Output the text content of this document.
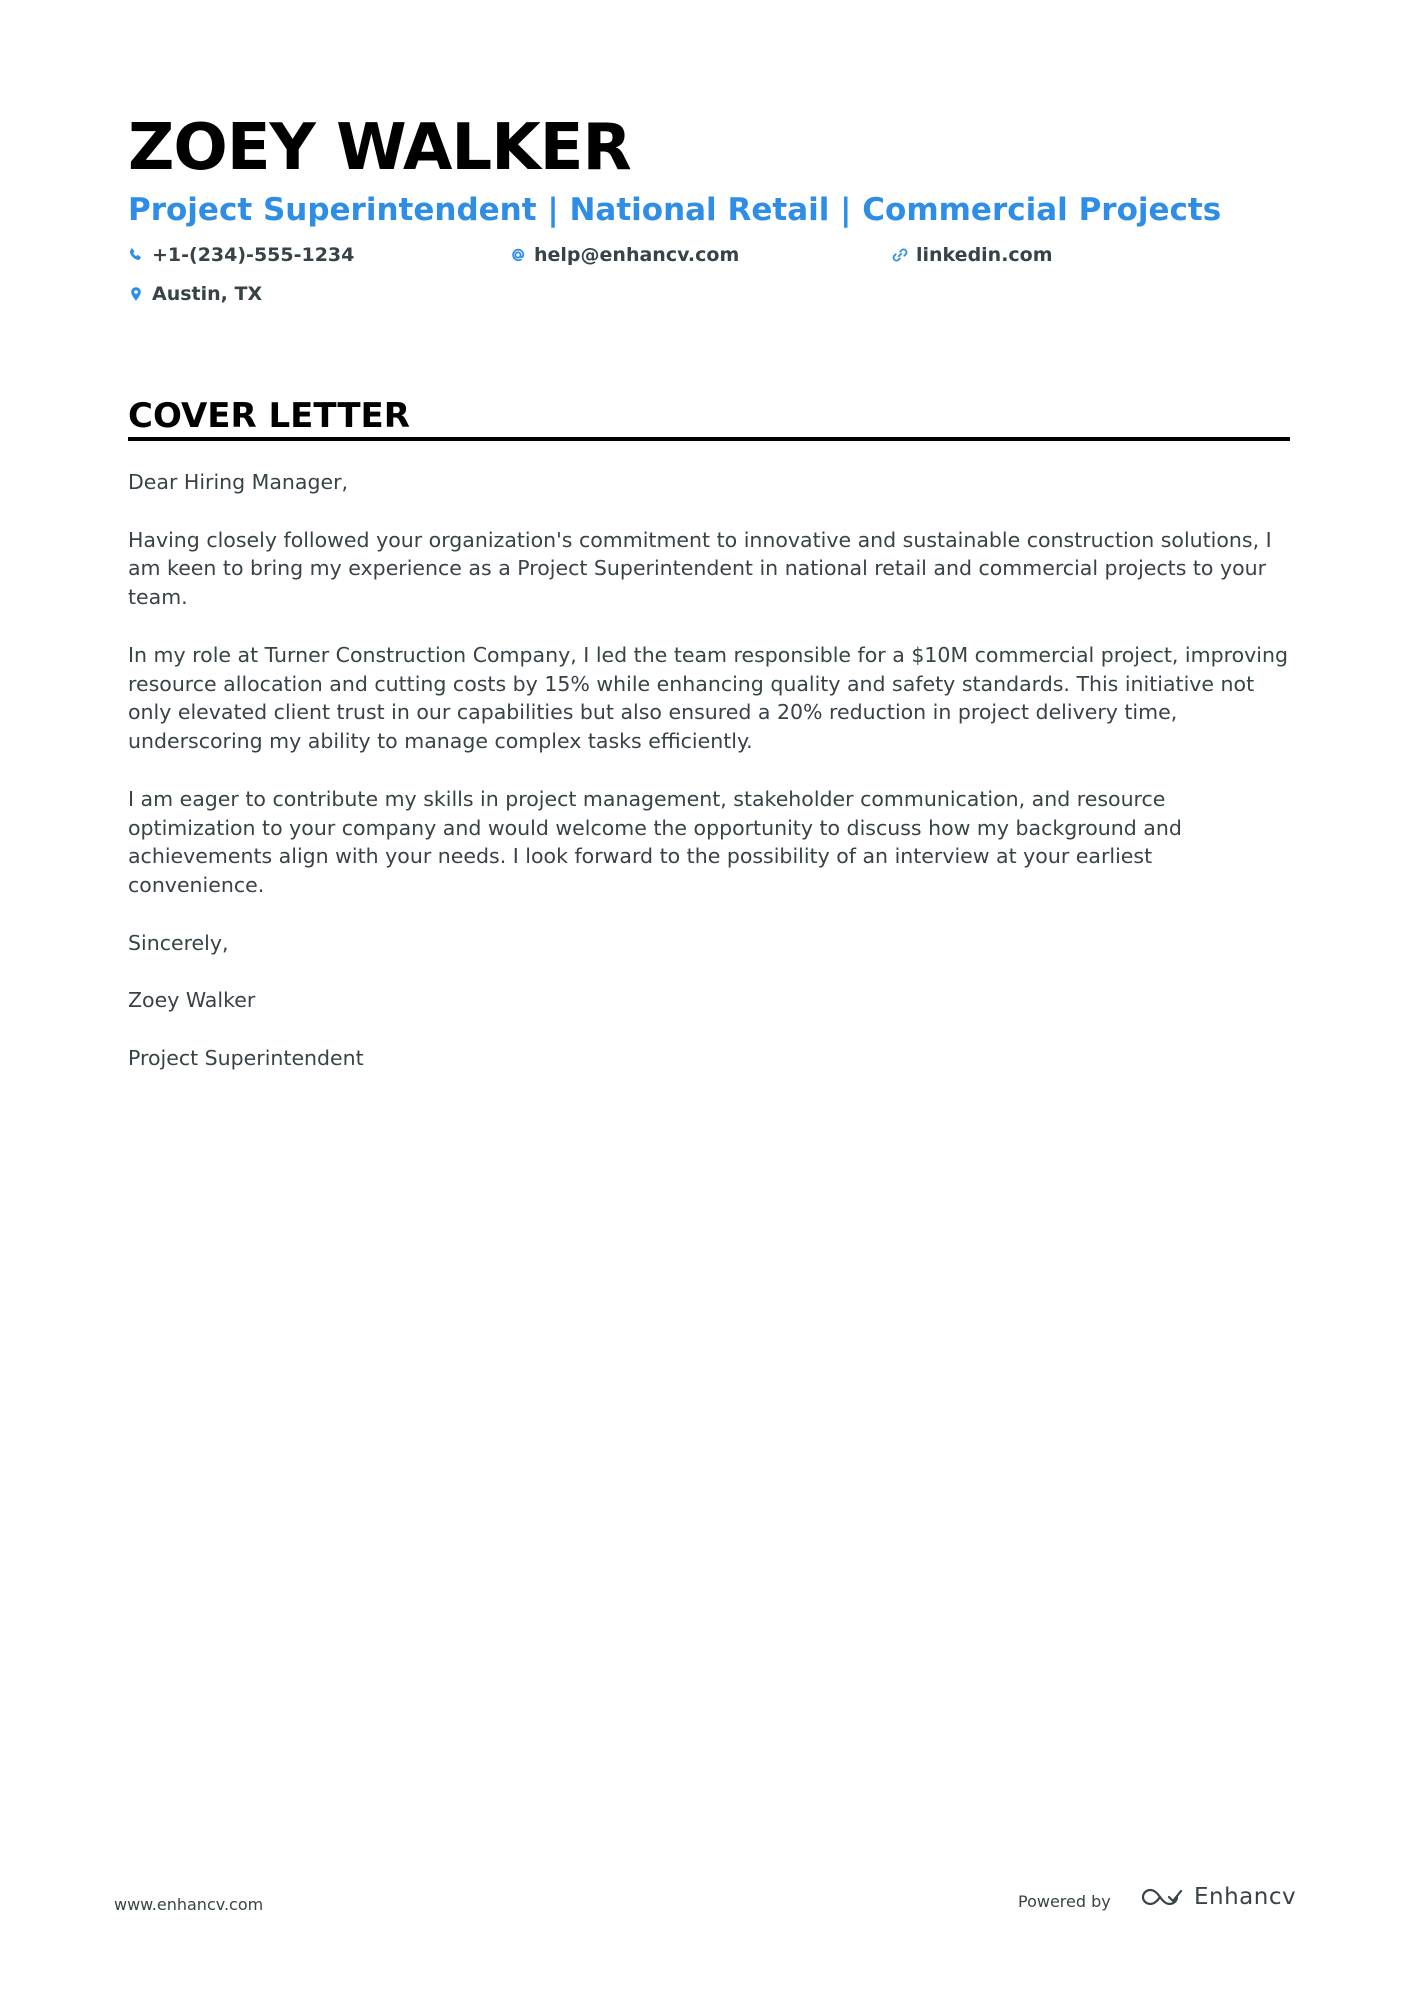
ZOEY WALKER
Project Superintendent | National Retail | Commercial Projects
+1-(234)-555-1234	help@enhancv.com	linkedin.com
Austin, TX
COVER LETTER

Dear Hiring Manager,

Having closely followed your organization's commitment to innovative and sustainable construction solutions, I am keen to bring my experience as a Project Superintendent in national retail and commercial projects to your team.

In my role at Turner Construction Company, I led the team responsible for a $10M commercial project, improving resource allocation and cutting costs by 15% while enhancing quality and safety standards. This initiative not only elevated client trust in our capabilities but also ensured a 20% reduction in project delivery time, underscoring my ability to manage complex tasks efficiently.

I am eager to contribute my skills in project management, stakeholder communication, and resource optimization to your company and would welcome the opportunity to discuss how my background and achievements align with your needs. I look forward to the possibility of an interview at your earliest convenience.

Sincerely,

Zoey Walker

Project Superintendent

www.enhancv.com	Powered by	Enhancv
